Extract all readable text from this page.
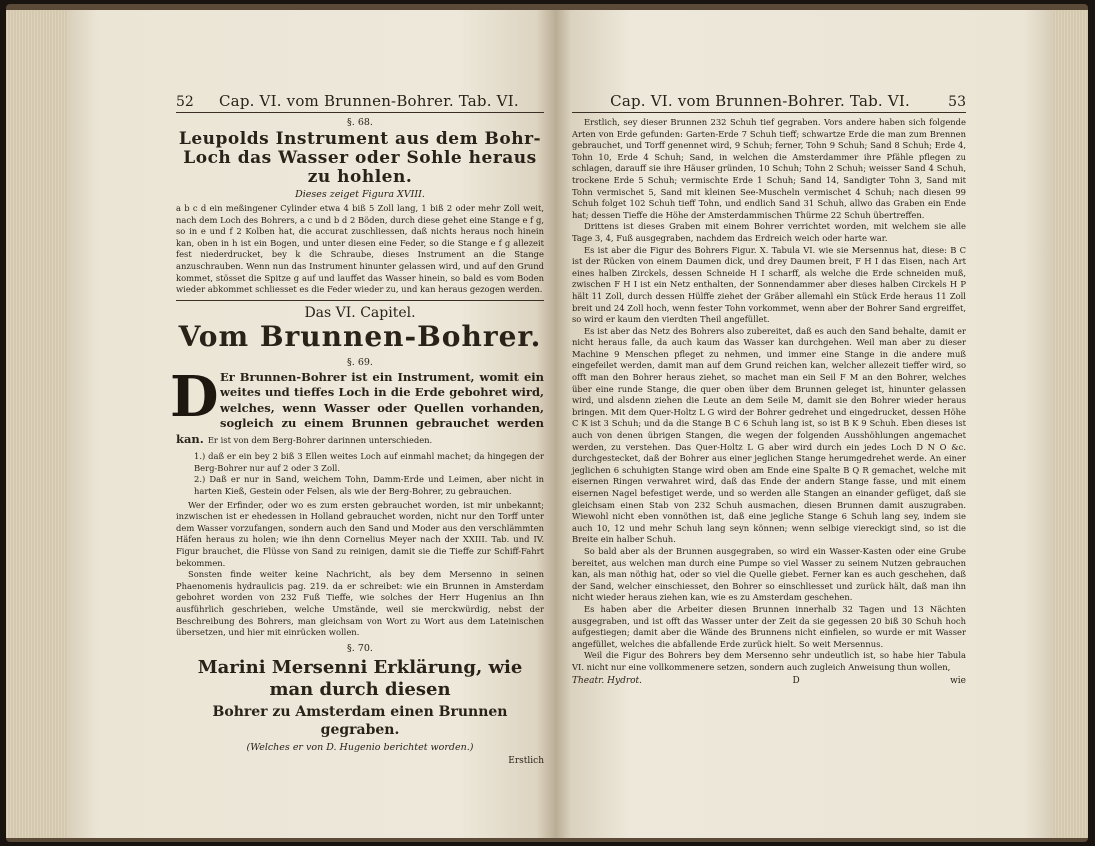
52 Cap. VI. vom Brunnen-Bohrer. Tab. VI.
§. 68.
Leupolds Instrument aus dem Bohr-Loch das Wasser oder Sohle heraus zu hohlen.
Dieses zeiget Figura XVIII.

a b c d ein meßingener Cylinder etwa 4 biß 5 Zoll lang, 1 biß 2 oder mehr Zoll weit, nach dem Loch des Bohrers, a c und b d 2 Böden, durch diese gehet eine Stange e f g, so in e und f 2 Kolben hat, die accurat zuschliessen, daß nichts heraus noch hinein kan, oben in h ist ein Bogen, und unter diesen eine Feder, so die Stange e f g allezeit fest niederdrucket, bey k die Schraube, dieses Instrument an die Stange anzuschrauben. Wenn nun das Instrument hinunter gelassen wird, und auf den Grund kommet, stösset die Spitze g auf und lauffet das Wasser hinein, so bald es vom Boden wieder abkommet schliesset es die Feder wieder zu, und kan heraus gezogen werden.

Das VI. Capitel.
Vom Brunnen-Bohrer.
§. 69.
D Er Brunnen-Bohrer ist ein Instrument, womit ein weites und tieffes Loch in die Erde gebohret wird, welches, wenn Wasser oder Quellen vorhanden, sogleich zu einem Brunnen gebrauchet werden kan. Er ist von dem Berg-Bohrer darinnen unterschieden.
1.) daß er ein bey 2 biß 3 Ellen weites Loch auf einmahl machet; da hingegen der Berg-Bohrer nur auf 2 oder 3 Zoll.
2.) Daß er nur in Sand, weichem Tohn, Damm-Erde und Leimen, aber nicht in harten Kieß, Gestein oder Felsen, als wie der Berg-Bohrer, zu gebrauchen.

Wer der Erfinder, oder wo es zum ersten gebrauchet worden, ist mir unbekannt; inzwischen ist er ehedessen in Holland gebrauchet worden, nicht nur den Torff unter dem Wasser vorzufangen, sondern auch den Sand und Moder aus den verschlämmten Häfen heraus zu holen; wie ihn denn Cornelius Meyer nach der XXIII. Tab. und IV. Figur brauchet, die Flüsse von Sand zu reinigen, damit sie die Tieffe zur Schiff-Fahrt bekommen.

Sonsten finde weiter keine Nachricht, als bey dem Mersenno in seinen Phaenomenis hydraulicis pag. 219. da er schreibet: wie ein Brunnen in Amsterdam gebohret worden von 232 Fuß Tieffe, wie solches der Herr Hugenius an Ihn ausführlich geschrieben, welche Umstände, weil sie merckwürdig, nebst der Beschreibung des Bohrers, man gleichsam von Wort zu Wort aus dem Lateinischen übersetzen, und hier mit einrücken wollen.

§. 70.
Marini Mersenni Erklärung, wie man durch diesen
Bohrer zu Amsterdam einen Brunnen gegraben.
(Welches er von D. Hugenio berichtet worden.)
Erstlich
Cap. VI. vom Brunnen-Bohrer. Tab. VI.	53

Erstlich, sey dieser Brunnen 232 Schuh tief gegraben. Vors andere haben sich folgende Arten von Erde gefunden: Garten-Erde 7 Schuh tieff; schwartze Erde die man zum Brennen gebrauchet, und Torff genennet wird, 9 Schuh; ferner, Tohn 9 Schuh; Sand 8 Schuh; Erde 4, Tohn 10, Erde 4 Schuh; Sand, in welchen die Amsterdammer ihre Pfähle pflegen zu schlagen, darauff sie ihre Häuser gründen, 10 Schuh; Tohn 2 Schuh; weisser Sand 4 Schuh, trockene Erde 5 Schuh; vermischte Erde 1 Schuh; Sand 14, Sandigter Tohn 3, Sand mit Tohn vermischet 5, Sand mit kleinen See-Muscheln vermischet 4 Schuh; nach diesen 99 Schuh folget 102 Schuh tieff Tohn, und endlich Sand 31 Schuh, allwo das Graben ein Ende hat; dessen Tieffe die Höhe der Amsterdammischen Thürme 22 Schuh übertreffen.

Drittens ist dieses Graben mit einem Bohrer verrichtet worden, mit welchem sie alle Tage 3, 4, Fuß ausgegraben, nachdem das Erdreich weich oder harte war.

Es ist aber die Figur des Bohrers Figur. X. Tabula VI. wie sie Mersennus hat, diese: B C ist der Rücken von einem Daumen dick, und drey Daumen breit, F H I das Eisen, nach Art eines halben Zirckels, dessen Schneide H I scharff, als welche die Erde schneiden muß, zwischen F H I ist ein Netz enthalten, der Sonnendammer aber dieses halben Circkels H P hält 11 Zoll, durch dessen Hülffe ziehet der Gräber allemahl ein Stück Erde heraus 11 Zoll breit und 24 Zoll hoch, wenn fester Tohn vorkommet, wenn aber der Bohrer Sand ergreiffet, so wird er kaum den vierdten Theil angefüllet.

Es ist aber das Netz des Bohrers also zubereitet, daß es auch den Sand behalte, damit er nicht heraus falle, da auch kaum das Wasser kan durchgehen. Weil man aber zu dieser Machine 9 Menschen pfleget zu nehmen, und immer eine Stange in die andere muß eingefeilet werden, damit man auf dem Grund reichen kan, welcher allezeit tieffer wird, so offt man den Bohrer heraus ziehet, so machet man ein Seil F M an den Bohrer, welches über eine runde Stange, die quer oben über dem Brunnen geleget ist, hinunter gelassen wird, und alsdenn ziehen die Leute an dem Seile M, damit sie den Bohrer wieder heraus bringen. Mit dem Quer-Holtz L G wird der Bohrer gedrehet und eingedrucket, dessen Höhe C K ist 3 Schuh; und da die Stange B C 6 Schuh lang ist, so ist B K 9 Schuh. Eben dieses ist auch von denen übrigen Stangen, die wegen der folgenden Ausshöhlungen angemachet werden, zu verstehen. Das Quer-Holtz L G aber wird durch ein jedes Loch D N O &c. durchgestecket, daß der Bohrer aus einer jeglichen Stange herumgedrehet werde. An einer jeglichen 6 schuhigten Stange wird oben am Ende eine Spalte B Q R gemachet, welche mit eisernen Ringen verwahret wird, daß das Ende der andern Stange fasse, und mit einem eisernen Nagel befestiget werde, und so werden alle Stangen an einander gefüget, daß sie gleichsam einen Stab von 232 Schuh ausmachen, diesen Brunnen damit auszugraben. Wiewohl nicht eben vonnöthen ist, daß eine jegliche Stange 6 Schuh lang sey, indem sie auch 10, 12 und mehr Schuh lang seyn können; wenn selbige viereckigt sind, so ist die Breite ein halber Schuh.

So bald aber als der Brunnen ausgegraben, so wird ein Wasser-Kasten oder eine Grube bereitet, aus welchen man durch eine Pumpe so viel Wasser zu seinem Nutzen gebrauchen kan, als man nöthig hat, oder so viel die Quelle giebet. Ferner kan es auch geschehen, daß der Sand, welcher einschiesset, den Bohrer so einschliesset und zurück hält, daß man ihn nicht wieder heraus ziehen kan, wie es zu Amsterdam geschehen.

Es haben aber die Arbeiter diesen Brunnen innerhalb 32 Tagen und 13 Nächten ausgegraben, und ist offt das Wasser unter der Zeit da sie gegessen 20 biß 30 Schuh hoch aufgestiegen; damit aber die Wände des Brunnens nicht einfielen, so wurde er mit Wasser angefüllet, welches die abfallende Erde zurück hielt. So weit Mersennus.

Weil die Figur des Bohrers bey dem Mersenno sehr undeutlich ist, so habe hier Tabula VI. nicht nur eine vollkommenere setzen, sondern auch zugleich Anweisung thun wollen,

Theatr. Hydrot.	D	wie
